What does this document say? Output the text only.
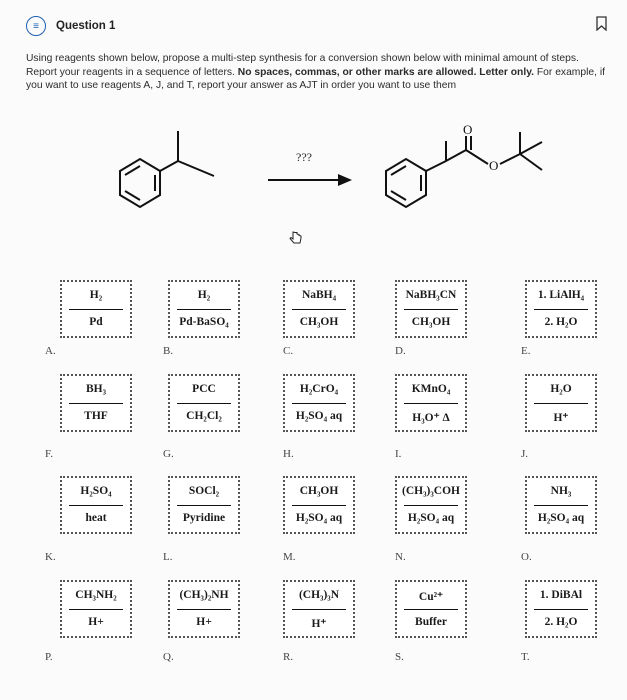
≡	Question 1
Using reagents shown below, propose a multi-step synthesis for a conversion shown below with minimal amount of steps. Report your reagents in a sequence of letters. No spaces, commas, or other marks are allowed. Letter only. For example, if you want to use reagents A, J, and T, report your answer as AJT in order you want to use them
O
O
???
H₂
Pd
A.
H₂
Pd-BaSO₄
B.
NaBH₄
CH₃OH
C.
NaBH₃CN
CH₃OH
D.
1. LiAlH₄
2. H₂O
E.
BH₃
THF
F.
PCC
CH₂Cl₂
G.
H₂CrO₄
H₂SO₄ aq
H.
KMnO₄
H₃O⁺ Δ
I.
H₂O
H⁺
J.
H₂SO₄
heat
K.
SOCl₂
Pyridine
L.
CH₃OH
H₂SO₄ aq
M.
(CH₃)₃COH
H₂SO₄ aq
N.
NH₃
H₂SO₄ aq
O.
CH₃NH₂
H+
P.
(CH₃)₂NH
H+
Q.
(CH₃)₃N
H⁺
R.
Cu²⁺
Buffer
S.
1. DiBAl
2. H₂O
T.
